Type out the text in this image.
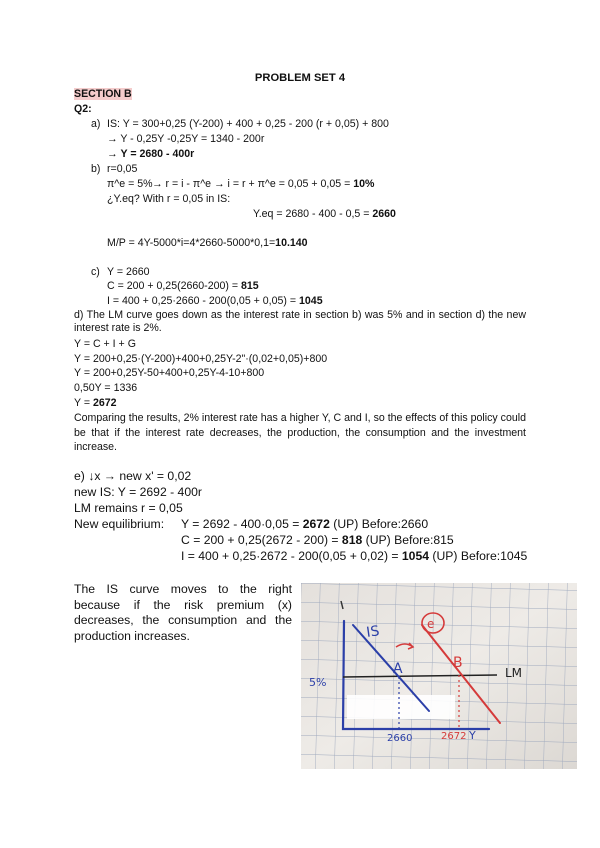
PROBLEM SET 4
SECTION B
Q2:
a) IS: Y = 300+0,25 (Y-200) + 400 + 0,25 - 200 (r + 0,05) + 800
→ Y - 0,25Y -0,25Y = 1340 - 200r
→ Y = 2680 - 400r
b) r=0,05
π^e = 5% → r = i - π^e → i = r + π^e = 0,05 + 0,05 = 10%
¿Y.eq? With r = 0,05 in IS:
Y.eq = 2680 - 400 - 0,5 = 2660
M/P = 4Y-5000*i=4*2660-5000*0,1=10.140
c) Y = 2660
C = 200 + 0,25(2660-200) = 815
I = 400 + 0,25·2660 - 200(0,05 + 0,05) = 1045
d) The LM curve goes down as the interest rate in section b) was 5% and in section d) the new interest rate is 2%.
Y = C + I + G
Y = 200+0,25·(Y-200)+400+0,25Y-2"·(0,02+0,05)+800
Y = 200+0,25Y-50+400+0,25Y-4-10+800
0,50Y = 1336
Y = 2672
Comparing the results, 2% interest rate has a higher Y, C and I, so the effects of this policy could be that if the interest rate decreases, the production, the consumption and the investment increase.
e) ↓x → new x' = 0,02
new IS: Y = 2692 - 400r
LM remains r = 0,05
New equilibrium: Y = 2692 - 400·0,05 = 2672 (UP) Before:2660
C = 200 + 0,25(2672 - 200) = 818 (UP) Before:815
I = 400 + 0,25·2672 - 200(0,05 + 0,02) = 1054 (UP) Before:1045
The IS curve moves to the right because if the risk premium (x) decreases, the consumption and the production increases.
e
IS
A	B
LM
5%
2660	2672 Y
